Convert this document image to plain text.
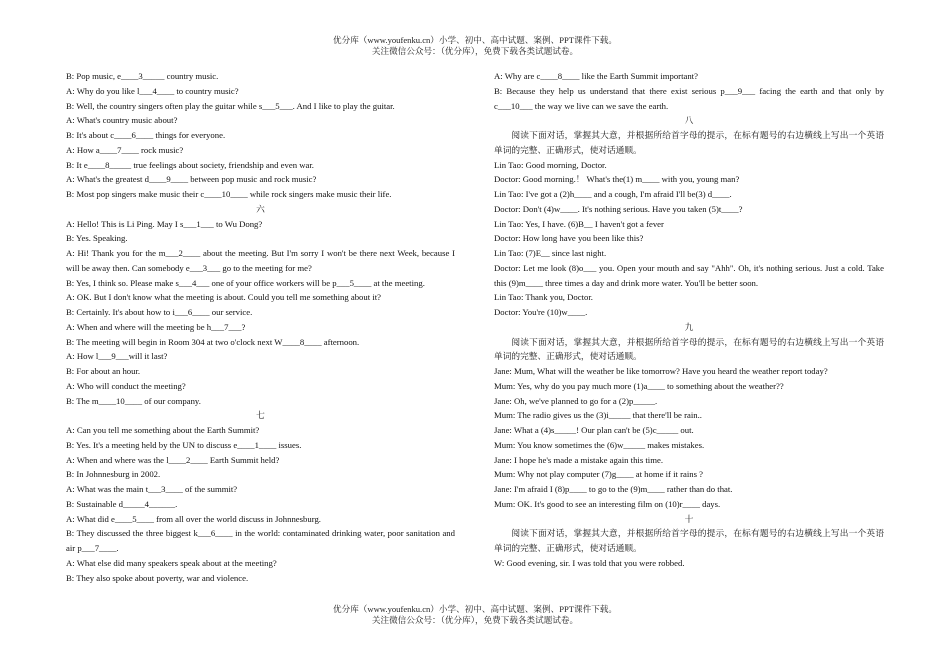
优分库（www.youfenku.cn）小学、初中、高中试题、案例、PPT课件下载。
关注微信公众号：（优分库），免费下载各类试题试卷。
B: Pop music, e____3_____ country music.
A: Why do you like l___4____ to country music?
B: Well, the country singers often play the guitar while s___5___. And I like to play the guitar.
A: What's country music about?
B: It's about c____6____ things for everyone.
A: How a____7____ rock music?
B: It e____8_____ true feelings about society, friendship and even war.
A: What's the greatest d____9____ between pop music and rock music?
B: Most pop singers make music their c____10____ while rock singers make music their life.
六
A: Hello! This is Li Ping. May I s___1___ to Wu Dong?
B: Yes. Speaking.
A: Hi! Thank you for the m___2____ about the meeting. But I'm sorry I won't be there next Week, because I will be away then. Can somebody e___3___ go to the meeting for me?
B: Yes, I think so. Please make s___4___ one of your office workers will be p___5____ at the meeting.
A: OK. But I don't know what the meeting is about. Could you tell me something about it?
B: Certainly. It's about how to i___6____ our service.
A: When and where will the meeting be h___7___?
B: The meeting will begin in Room 304 at two o'clock next W____8____ afternoon.
A: How l___9___will it last?
B: For about an hour.
A: Who will conduct the meeting?
B: The m____10____ of our company.
七
A: Can you tell me something about the Earth Summit?
B: Yes. It's a meeting held by the UN to discuss e____1____ issues.
A: When and where was the l____2____ Earth Summit held?
B: In Johnnesburg in 2002.
A: What was the main t___3____ of the summit?
B: Sustainable d_____4______.
A: What did e____5____ from all over the world discuss in Johnnesburg.
B: They discussed the three biggest k___6____ in the world: contaminated drinking water, poor sanitation and air p___7____.
A: What else did many speakers speak about at the meeting?
B: They also spoke about poverty, war and violence.
A: Why are c____8____ like the Earth Summit important?
B: Because they help us understand that there exist serious p___9___ facing the earth and that only by c___10___ the way we live can we save the earth.
八
阅读下面对话，掌握其大意，并根据所给首字母的提示，在标有题号的右边横线上写出一个英语单词的完整、正确形式，使对话通顺。
Lin Tao: Good morning, Doctor.
Doctor: Good morning.！ What's the(1) m____ with you, young man?
Lin Tao: I've got a (2)h____ and a cough, I'm afraid I'll be(3) d____.
Doctor: Don't (4)w____. It's nothing serious. Have you taken (5)t____?
Lin Tao: Yes, I have. (6)B__ I haven't got a fever
Doctor: How long have you been like this?
Lin Tao: (7)E__ since last night.
Doctor: Let me look (8)o___ you. Open your mouth and say "Ahh". Oh, it's nothing serious. Just a cold. Take this (9)m____ three times a day and drink more water. You'll be better soon.
Lin Tao: Thank you, Doctor.
Doctor: You're (10)w____.
九
阅读下面对话，掌握其大意，并根据所给首字母的提示，在标有题号的右边横线上写出一个英语单词的完整、正确形式，使对话通顺。
Jane: Mum, What will the weather be like tomorrow? Have you heard the weather report today?
Mum: Yes, why do you pay much more (1)a____ to something about the weather??
Jane: Oh, we've planned to go for a (2)p_____.
Mum: The radio gives us the (3)i_____ that there'll be rain..
Jane: What a (4)s_____! Our plan can't be (5)c_____ out.
Mum: You know sometimes the (6)w_____ makes mistakes.
Jane: I hope he's made a mistake again this time.
Mum: Why not play computer (7)g____ at home if it rains ?
Jane: I'm afraid I (8)p____ to go to the (9)m____ rather than do that.
Mum: OK. It's good to see an interesting film on (10)r____ days.
十
阅读下面对话，掌握其大意，并根据所给首字母的提示，在标有题号的右边横线上写出一个英语单词的完整、正确形式，使对话通顺。
W: Good evening, sir. I was told that you were robbed.
优分库（www.youfenku.cn）小学、初中、高中试题、案例、PPT课件下载。
关注微信公众号：（优分库），免费下载各类试题试卷。
